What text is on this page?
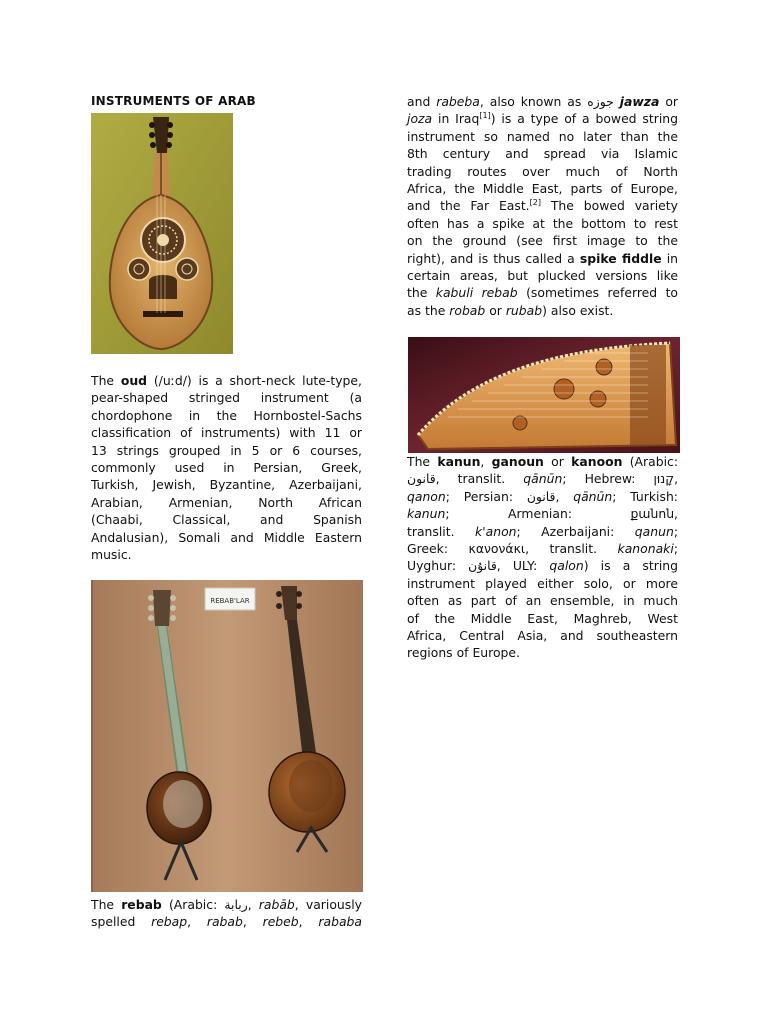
INSTRUMENTS OF ARAB
The oud (/uːd/) is a short-neck lute-type,
pear-shaped stringed instrument (a
chordophone in the Hornbostel-Sachs
classification of instruments) with 11 or
13 strings grouped in 5 or 6 courses,
commonly used in Persian, Greek,
Turkish, Jewish, Byzantine, Azerbaijani,
Arabian, Armenian, North African
(Chaabi, Classical, and Spanish
Andalusian), Somali and Middle Eastern
music.
REBAB'LAR
The rebab (Arabic: ربابة, rabāb, variously
spelled rebap, rabab, rebeb, rababa
and rabeba, also known as جوزه jawza or
joza in Iraq[1]) is a type of a bowed string
instrument so named no later than the
8th century and spread via Islamic
trading routes over much of North
Africa, the Middle East, parts of Europe,
and the Far East.[2] The bowed variety
often has a spike at the bottom to rest
on the ground (see first image to the
right), and is thus called a spike fiddle in
certain areas, but plucked versions like
the kabuli rebab (sometimes referred to
as the robab or rubab) also exist.
The kanun, ganoun or kanoon (Arabic:
قانون, translit. qānūn; Hebrew: קָנוּן,
qanon; Persian: قانون, qānūn; Turkish:
kanun; Armenian: քանոն,
translit. k'anon; Azerbaijani: qanun;
Greek: κανονάκι, translit. kanonaki;
Uyghur: قانۇن, ULY: qalon) is a string
instrument played either solo, or more
often as part of an ensemble, in much
of the Middle East, Maghreb, West
Africa, Central Asia, and southeastern
regions of Europe.
